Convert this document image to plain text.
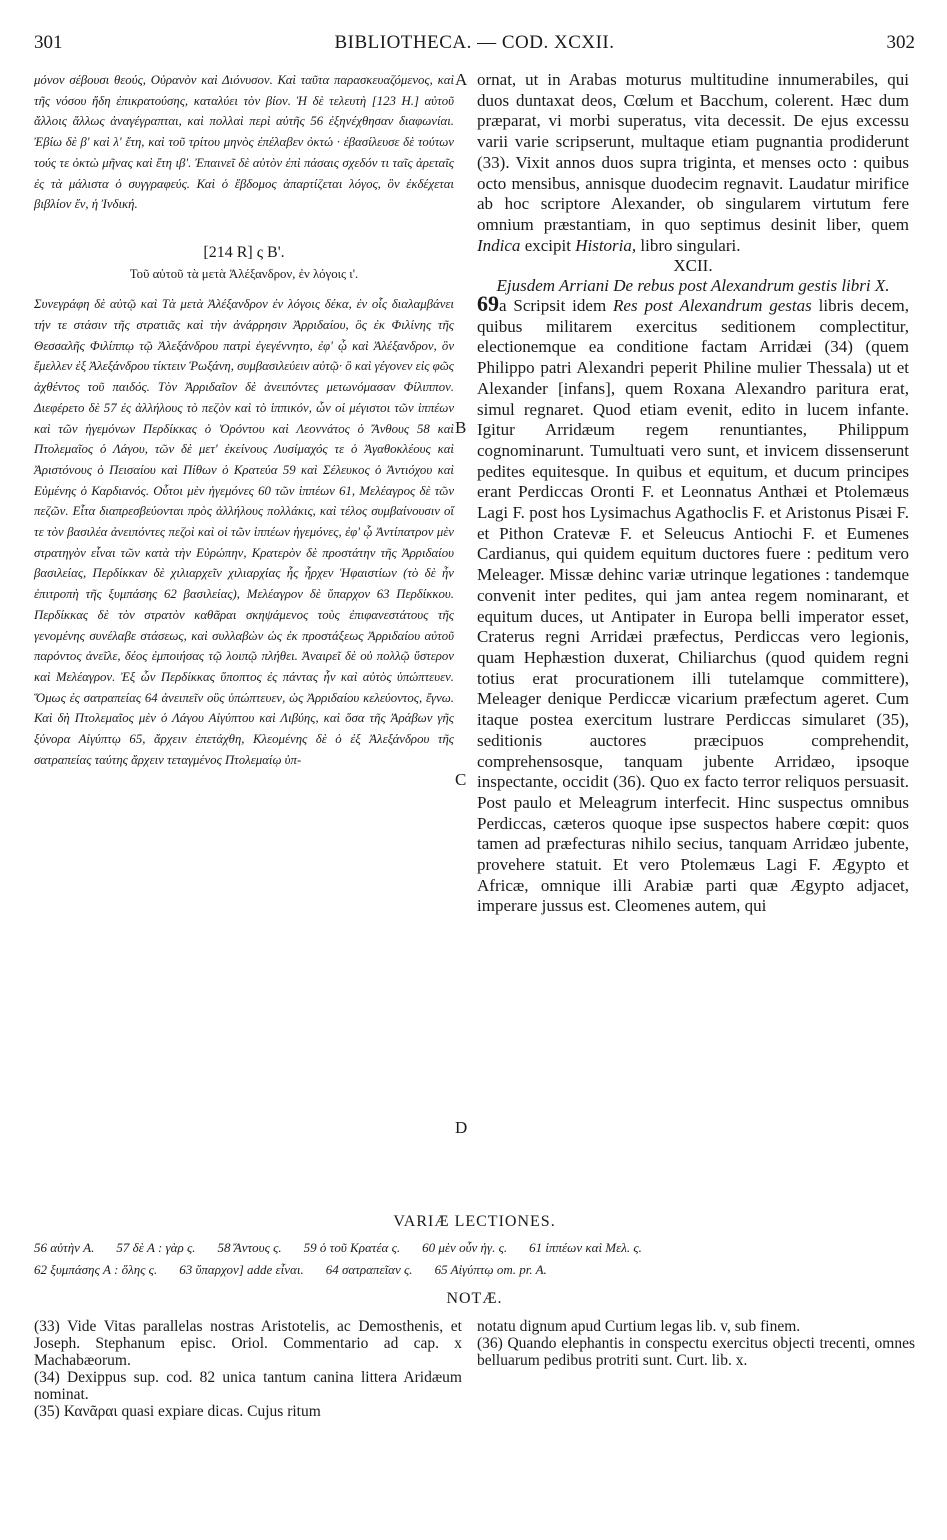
301	BIBLIOTHECA. — COD. XCXII.	302

μόνον σέβουσι θεούς, Οὐρανὸν καὶ Διόνυσον. Καὶ ταῦτα παρασκευαζόμενος, καὶ τῆς νόσου ἤδη ἐπικρατούσης, καταλύει τὸν βίον. Ἡ δὲ τελευτὴ [123 Η.] αὐτοῦ ἄλλοις ἄλλως ἀναγέγραπται, καὶ πολλαὶ περὶ αὐτῆς 56 ἐξηνέχθησαν διαφωνίαι. Ἐβίω δὲ β' καὶ λ' ἔτη, καὶ τοῦ τρίτου μηνὸς ἐπέλαβεν ὀκτώ · ἐβασίλευσε δὲ τούτων τούς τε ὀκτὼ μῆνας καὶ ἔτη ιβ'. Ἐπαινεῖ δὲ αὐτὸν ἐπὶ πάσαις σχεδόν τι ταῖς ἀρεταῖς ἐς τὰ μάλιστα ὁ συγγραφεύς. Καὶ ὁ ἕβδομος ἀπαρτίζεται λόγος, ὃν ἐκδέχεται βιβλίον ἕν, ἡ Ἰνδική.

[214 R] ς Β'.

Τοῦ αὐτοῦ τὰ μετὰ Ἀλέξανδρον, ἐν λόγοις ι'.

Συνεγράφη δὲ αὐτῷ καὶ Τὰ μετὰ Ἀλέξανδρον ἐν λόγοις δέκα, ἐν οἷς διαλαμβάνει τήν τε στάσιν τῆς στρατιᾶς καὶ τὴν ἀνάρρησιν Ἀρριδαίου, ὃς ἐκ Φιλίνης τῆς Θεσσαλῆς Φιλίππῳ τῷ Ἀλεξάνδρου πατρὶ ἐγεγέννητο, ἐφ' ᾧ καὶ Ἀλέξανδρον, ὃν ἔμελλεν ἐξ Ἀλεξάνδρου τίκτειν Ῥωξάνη, συμβασιλεύειν αὐτῷ· ὃ καὶ γέγονεν εἰς φῶς ἀχθέντος τοῦ παιδός. Τὸν Ἀρριδαῖον δὲ ἀνειπόντες μετωνόμασαν Φίλιππον. Διεφέρετο δὲ 57 ἐς ἀλλήλους τὸ πεζὸν καὶ τὸ ἱππικόν, ὧν οἱ μέγιστοι τῶν ἱππέων καὶ τῶν ἡγεμόνων Περδίκκας ὁ Ὀρόντου καὶ Λεοννάτος ὁ Ἄνθους 58 καὶ Πτολεμαῖος ὁ Λάγου, τῶν δὲ μετ' ἐκείνους Λυσίμαχός τε ὁ Ἀγαθοκλέους καὶ Ἀριστόνους ὁ Πεισαίου καὶ Πίθων ὁ Κρατεύα 59 καὶ Σέλευκος ὁ Ἀντιόχου καὶ Εὐμένης ὁ Καρδιανός. Οὗτοι μὲν ἡγεμόνες 60 τῶν ἱππέων 61, Μελέαγρος δὲ τῶν πεζῶν. Εἶτα διαπρεσβεύονται πρὸς ἀλλήλους πολλάκις, καὶ τέλος συμβαίνουσιν οἵ τε τὸν βασιλέα ἀνειπόντες πεζοὶ καὶ οἱ τῶν ἱππέων ἡγεμόνες, ἐφ' ᾧ Ἀντίπατρον μὲν στρατηγὸν εἶναι τῶν κατὰ τὴν Εὐρώπην, Κρατερὸν δὲ προστάτην τῆς Ἀρριδαίου βασιλείας, Περδίκκαν δὲ χιλιαρχεῖν χιλιαρχίας ἧς ἦρχεν Ἡφαιστίων (τὸ δὲ ἦν ἐπιτροπὴ τῆς ξυμπάσης 62 βασιλείας), Μελέαγρον δὲ ὕπαρχον 63 Περδίκκου. Περδίκκας δὲ τὸν στρατὸν καθᾶραι σκηψάμενος τοὺς ἐπιφανεστάτους τῆς γενομένης συνέλαβε στάσεως, καὶ συλλαβὼν ὡς ἐκ προστάξεως Ἀρριδαίου αὐτοῦ παρόντος ἀνεῖλε, δέος ἐμποιήσας τῷ λοιπῷ πλήθει. Ἀναιρεῖ δὲ οὐ πολλῷ ὕστερον καὶ Μελέαγρον. Ἐξ ὧν Περδίκκας ὕποπτος ἐς πάντας ἦν καὶ αὐτὸς ὑπώπτευεν. Ὅμως ἐς σατραπείας 64 ἀνειπεῖν οὓς ὑπώπτευεν, ὡς Ἀρριδαίου κελεύοντος, ἔγνω. Καὶ δὴ Πτολεμαῖος μὲν ὁ Λάγου Αἰγύπτου καὶ Λιβύης, καὶ ὅσα τῆς Ἀράβων γῆς ξύνορα Αἰγύπτῳ 65, ἄρχειν ἐπετάχθη, Κλεομένης δὲ ὁ ἐξ Ἀλεξάνδρου τῆς σατραπείας ταύτης ἄρχειν τεταγμένος Πτολεμαίῳ ὑπ-

A
B
C
D

ornat, ut in Arabas moturus multitudine innumerabiles, qui duos duntaxat deos, Cœlum et Bacchum, colerent. Hæc dum præparat, vi morbi superatus, vita decessit. De ejus excessu varii varie scripserunt, multaque etiam pugnantia prodiderunt (33). Vixit annos duos supra triginta, et menses octo : quibus octo mensibus, annisque duodecim regnavit. Laudatur mirifice ab hoc scriptore Alexander, ob singularem virtutum fere omnium præstantiam, in quo septimus desinit liber, quem Indica excipit Historia, libro singulari.

XCII.

Ejusdem Arriani De rebus post Alexandrum gestis libri X.

69a Scripsit idem Res post Alexandrum gestas libris decem, quibus militarem exercitus seditionem complectitur, electionemque ea conditione factam Arridæi (34) (quem Philippo patri Alexandri peperit Philine mulier Thessala) ut et Alexander [infans], quem Roxana Alexandro paritura erat, simul regnaret. Quod etiam evenit, edito in lucem infante. Igitur Arridæum regem renuntiantes, Philippum cognominarunt. Tumultuati vero sunt, et invicem dissenserunt pedites equitesque. In quibus et equitum, et ducum principes erant Perdiccas Oronti F. et Leonnatus Anthæi et Ptolemæus Lagi F. post hos Lysimachus Agathoclis F. et Aristonus Pisæi F. et Pithon Cratevæ F. et Seleucus Antiochi F. et Eumenes Cardianus, qui quidem equitum ductores fuere : peditum vero Meleager. Missæ dehinc variæ utrinque legationes : tandemque convenit inter pedites, qui jam antea regem nominarant, et equitum duces, ut Antipater in Europa belli imperator esset, Craterus regni Arridæi præfectus, Perdiccas vero legionis, quam Hephæstion duxerat, Chiliarchus (quod quidem regni totius erat procurationem illi tutelamque committere), Meleager denique Perdiccæ vicarium præfectum ageret. Cum itaque postea exercitum lustrare Perdiccas simularet (35), seditionis auctores præcipuos comprehendit, comprehensosque, tanquam jubente Arridæo, ipsoque inspectante, occidit (36). Quo ex facto terror reliquos persuasit. Post paulo et Meleagrum interfecit. Hinc suspectus omnibus Perdiccas, cæteros quoque ipse suspectos habere cœpit: quos tamen ad præfecturas nihilo secius, tanquam Arridæo jubente, provehere statuit. Et vero Ptolemæus Lagi F. Ægypto et Africæ, omnique illi Arabiæ parti quæ Ægypto adjacet, imperare jussus est. Cleomenes autem, qui

VARIÆ LECTIONES.
56 αὐτὴν A. 57 δὲ A : γὰρ ς. 58 Ἄντους ς. 59 ὁ τοῦ Κρατέα ς. 60 μὲν οὖν ἡγ. ς. 61 ἱππέων καὶ Μελ. ς.
62 ξυμπάσης A : ὅλης ς. 63 ὕπαρχον] adde εἶναι. 64 σατραπεῖαν ς. 65 Αἰγύπτῳ om. pr. A.
NOTÆ.

(33) Vide Vitas parallelas nostras Aristotelis, ac Demosthenis, et Joseph. Stephanum episc. Oriol. Commentario ad cap. x Machabæorum.

(34) Dexippus sup. cod. 82 unica tantum canina littera Aridæum nominat.

(35) Κανᾶραι quasi expiare dicas. Cujus ritum

notatu dignum apud Curtium legas lib. v, sub finem.

(36) Quando elephantis in conspectu exercitus objecti trecenti, omnes belluarum pedibus protriti sunt. Curt. lib. x.
